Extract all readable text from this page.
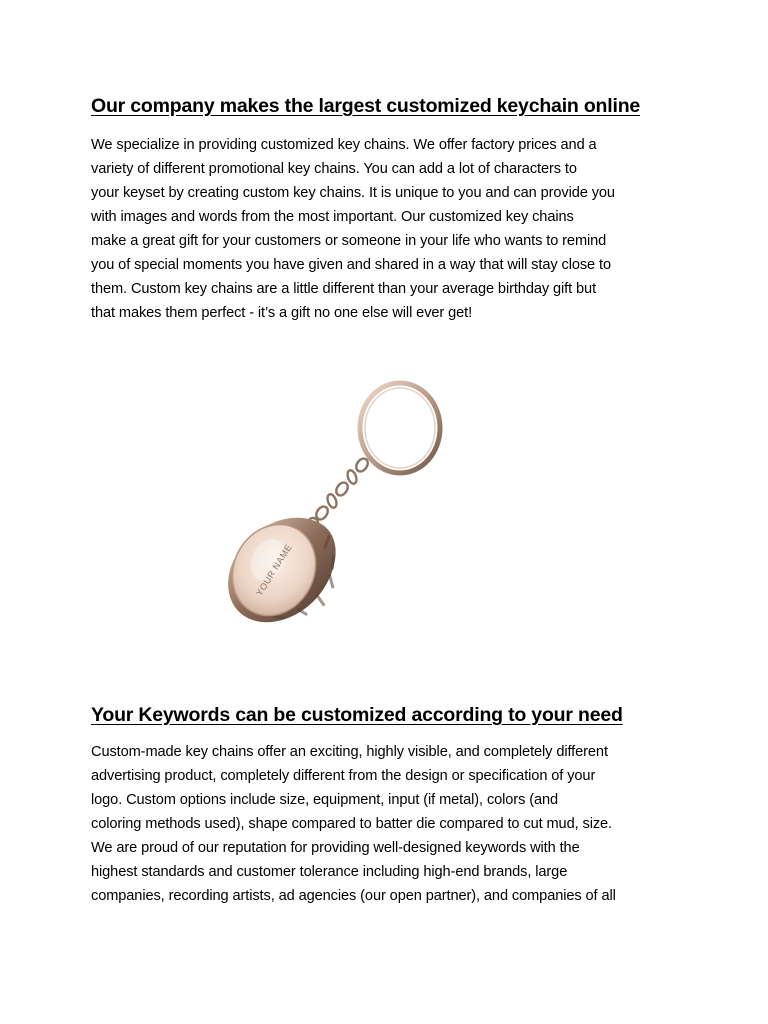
Our company makes the largest customized keychain online

We specialize in providing customized key chains. We offer factory prices and a
variety of different promotional key chains. You can add a lot of characters to
your keyset by creating custom key chains. It is unique to you and can provide you
with images and words from the most important. Our customized key chains
make a great gift for your customers or someone in your life who wants to remind
you of special moments you have given and shared in a way that will stay close to
them. Custom key chains are a little different than your average birthday gift but
that makes them perfect - it’s a gift no one else will ever get!

YOUR NAME
Your Keywords can be customized according to your need

Custom-made key chains offer an exciting, highly visible, and completely different
advertising product, completely different from the design or specification of your
logo. Custom options include size, equipment, input (if metal), colors (and
coloring methods used), shape compared to batter die compared to cut mud, size.
We are proud of our reputation for providing well-designed keywords with the
highest standards and customer tolerance including high-end brands, large
companies, recording artists, ad agencies (our open partner), and companies of all
